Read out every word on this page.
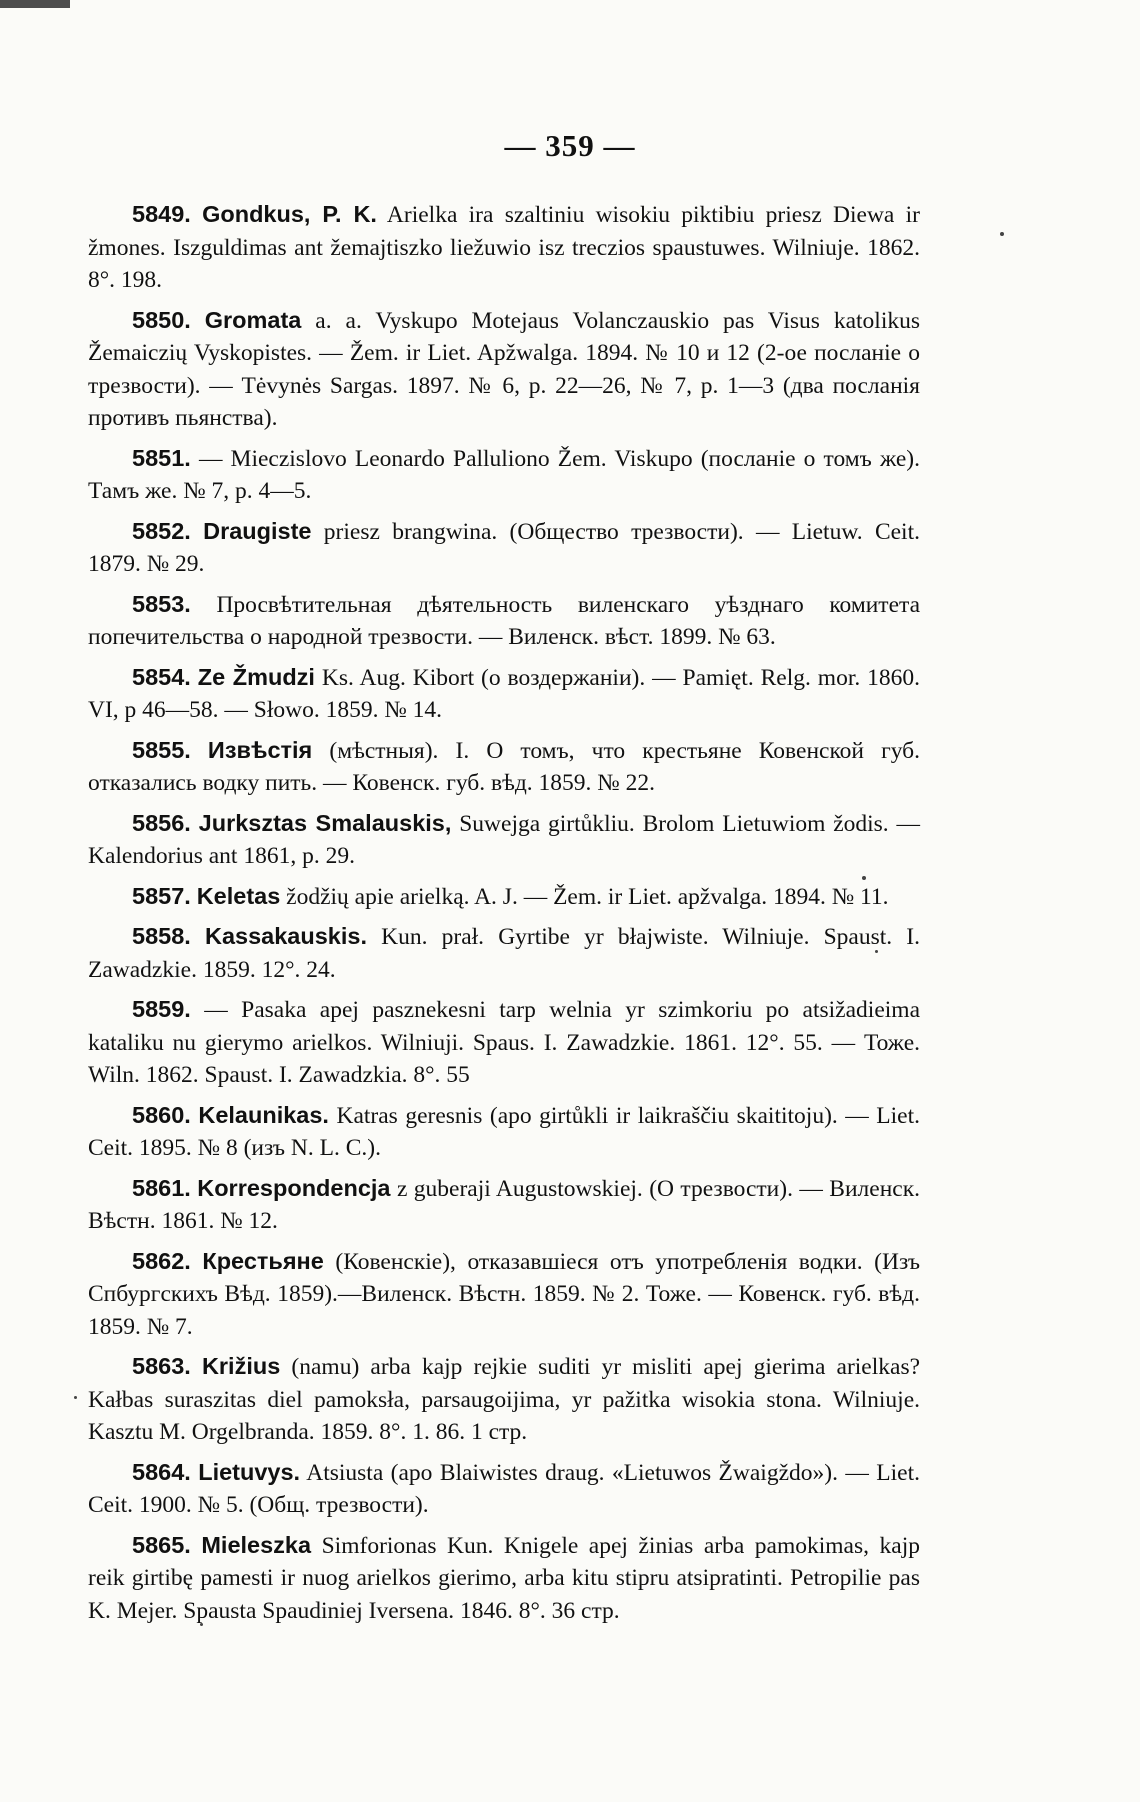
— 359 —

5849. Gondkus, P. K. Arielka ira szaltiniu wisokiu piktibiu priesz Diewa ir žmones. Iszguldimas ant žemajtiszko liežuwio isz treczios spaustuwes. Wilniuje. 1862. 8°. 198.

5850. Gromata a. a. Vyskupo Motejaus Volanczauskio pas Visus katolikus Žemaiczių Vyskopistes. — Žem. ir Liet. Apžwalga. 1894. № 10 и 12 (2-ое посланіе о трезвости). — Tėvynės Sargas. 1897. № 6, p. 22—26, № 7, p. 1—3 (два посланія противъ пьянства).

5851. — Mieczislovo Leonardo Palluliono Žem. Viskupo (посланіе о томъ же). Тамъ же. № 7, p. 4—5.

5852. Draugiste priesz brangwina. (Общество трезвости). — Lietuw. Ceit. 1879. № 29.

5853. Просвѣтительная дѣятельность виленскаго уѣзднаго комитета попечительства о народной трезвости. — Виленск. вѣст. 1899. № 63.

5854. Ze Žmudzi Ks. Aug. Kibort (о воздержаніи). — Pamięt. Relg. mor. 1860. VI, p 46—58. — Słowo. 1859. № 14.

5855. Извѣстія (мѣстныя). I. О томъ, что крестьяне Ковенской губ. отказались водку пить. — Ковенск. губ. вѣд. 1859. № 22.

5856. Jurksztas Smalauskis, Suwejga girtůkliu. Brolom Lietuwiom žodis. — Kalendorius ant 1861, p. 29.

5857. Keletas žodžių apie arielką. A. J. — Žem. ir Liet. apžvalga. 1894. № 11.

5858. Kassakauskis. Kun. prał. Gyrtibe yr błajwiste. Wilniuje. Spaust. I. Zawadzkie. 1859. 12°. 24.

5859. — Pasaka apej pasznekesni tarp welnia yr szimkoriu po atsižadieima kataliku nu gierymo arielkos. Wilniuji. Spaus. I. Zawadzkie. 1861. 12°. 55. — Тоже. Wiln. 1862. Spaust. I. Zawadzkia. 8°. 55

5860. Kelaunikas. Katras geresnis (apo girtůkli ir laikraščiu skaititoju). — Liet. Ceit. 1895. № 8 (изъ N. L. C.).

5861. Korrespondencja z guberaji Augustowskiej. (О трезвости). — Виленск. Вѣстн. 1861. № 12.

5862. Крестьяне (Ковенскіе), отказавшіеся отъ употребленія водки. (Изъ Спбургскихъ Вѣд. 1859).—Виленск. Вѣстн. 1859. № 2. Тоже. — Ковенск. губ. вѣд. 1859. № 7.

5863. Križius (namu) arba kajp rejkie suditi yr misliti apej gierima arielkas? Kałbas suraszitas diel pamoksła, parsaugoijima, yr pažitka wisokia stona. Wilniuje. Kasztu M. Orgelbranda. 1859. 8°. 1. 86. 1 стр.

5864. Lietuvys. Atsiusta (apo Blaiwistes draug. «Lietuwos Žwaigždo»). — Liet. Ceit. 1900. № 5. (Общ. трезвости).

5865. Mieleszka Simforionas Kun. Knigele apej žinias arba pamokimas, kajp reik girtibę pamesti ir nuog arielkos gierimo, arba kitu stipru atsipratinti. Petropilie pas K. Mejer. Spausta Spaudiniej Iversena. 1846. 8°. 36 стр.
